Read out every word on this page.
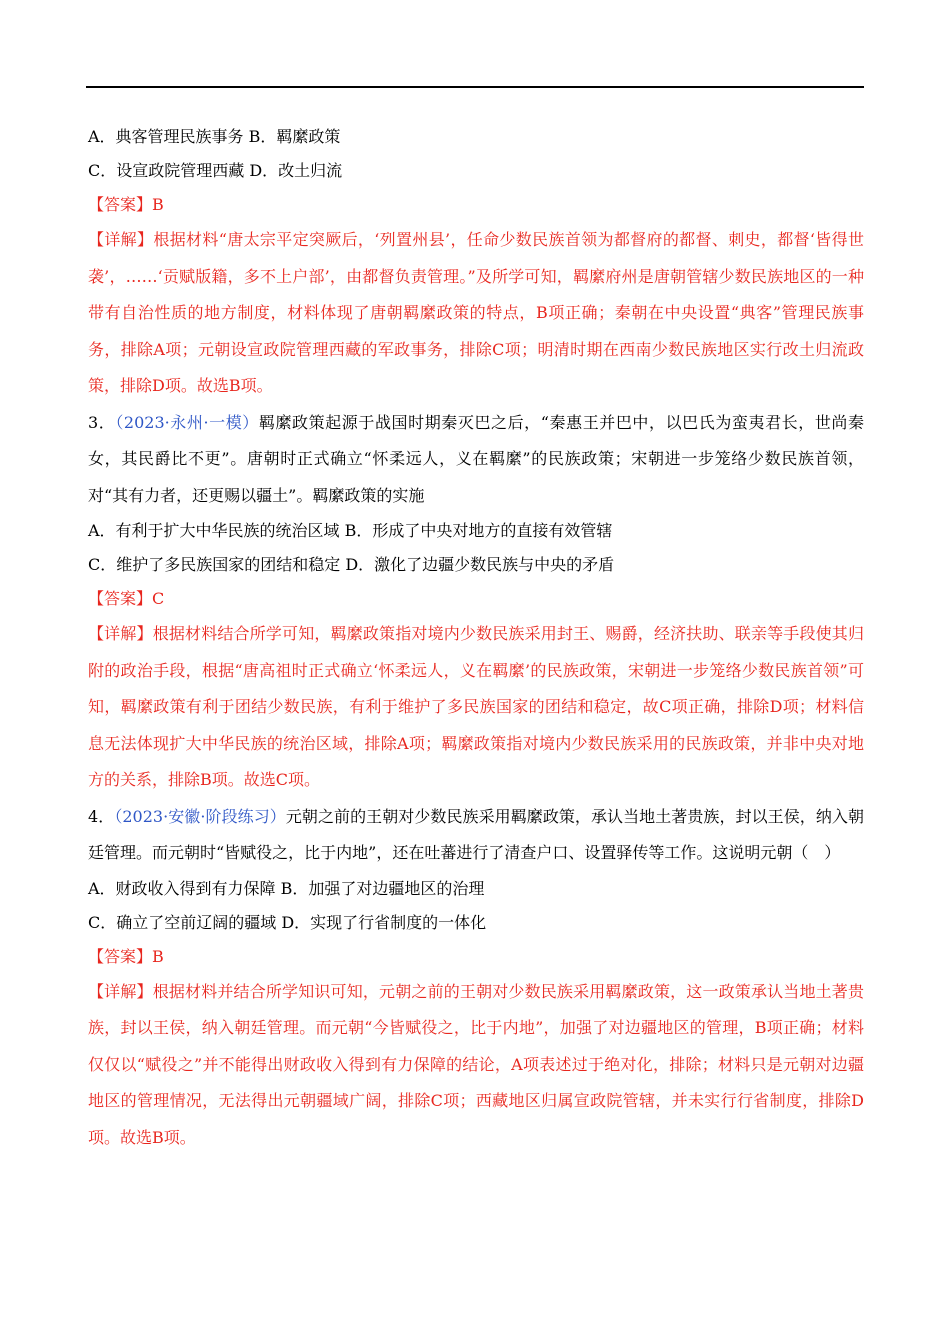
A．典客管理民族事务 B．羁縻政策
C．设宣政院管理西藏 D．改土归流
【答案】B
【详解】根据材料“唐太宗平定突厥后，‘列置州县’，任命少数民族首领为都督府的都督、刺史，都督‘皆得世袭’，……‘贡赋版籍，多不上户部’，由都督负责管理。”及所学可知，羁縻府州是唐朝管辖少数民族地区的一种带有自治性质的地方制度，材料体现了唐朝羁縻政策的特点，B项正确；秦朝在中央设置“典客”管理民族事务，排除A项；元朝设宣政院管理西藏的军政事务，排除C项；明清时期在西南少数民族地区实行改土归流政策，排除D项。故选B项。
3．（2023·永州·一模）羁縻政策起源于战国时期秦灭巴之后，“秦惠王并巴中，以巴氏为蛮夷君长，世尚秦女，其民爵比不更”。唐朝时正式确立“怀柔远人，义在羁縻”的民族政策；宋朝进一步笼络少数民族首领，对“其有力者，还更赐以疆土”。羁縻政策的实施
A．有利于扩大中华民族的统治区域 B．形成了中央对地方的直接有效管辖
C．维护了多民族国家的团结和稳定 D．激化了边疆少数民族与中央的矛盾
【答案】C
【详解】根据材料结合所学可知，羁縻政策指对境内少数民族采用封王、赐爵，经济扶助、联亲等手段使其归附的政治手段，根据“唐高祖时正式确立‘怀柔远人，义在羁縻’的民族政策，宋朝进一步笼络少数民族首领”可知，羁縻政策有利于团结少数民族，有利于维护了多民族国家的团结和稳定，故C项正确，排除D项；材料信息无法体现扩大中华民族的统治区域，排除A项；羁縻政策指对境内少数民族采用的民族政策，并非中央对地方的关系，排除B项。故选C项。
4．（2023·安徽·阶段练习）元朝之前的王朝对少数民族采用羁縻政策，承认当地土著贵族，封以王侯，纳入朝廷管理。而元朝时“皆赋役之，比于内地”，还在吐蕃进行了清查户口、设置驿传等工作。这说明元朝（　）
A．财政收入得到有力保障 B．加强了对边疆地区的治理
C．确立了空前辽阔的疆域 D．实现了行省制度的一体化
【答案】B
【详解】根据材料并结合所学知识可知，元朝之前的王朝对少数民族采用羁縻政策，这一政策承认当地土著贵族，封以王侯，纳入朝廷管理。而元朝“今皆赋役之，比于内地”，加强了对边疆地区的管理，B项正确；材料仅仅以“赋役之”并不能得出财政收入得到有力保障的结论，A项表述过于绝对化，排除；材料只是元朝对边疆地区的管理情况，无法得出元朝疆域广阔，排除C项；西藏地区归属宣政院管辖，并未实行行省制度，排除D项。故选B项。
